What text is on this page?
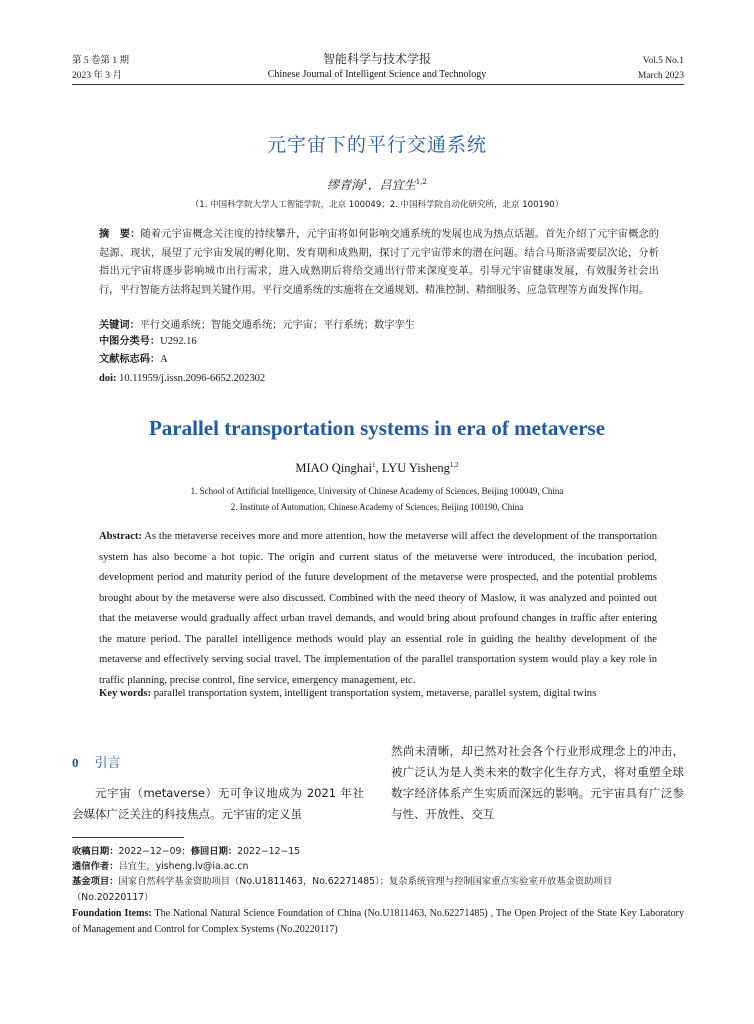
第 5 卷第 1 期
2023 年 3 月
智能科学与技术学报
Chinese Journal of Intelligent Science and Technology
Vol.5 No.1
March 2023
元宇宙下的平行交通系统
缪青海$^1$，吕宜生$^{1,2}$
（1. 中国科学院大学人工智能学院，北京 100049；2. 中国科学院自动化研究所，北京 100190）
摘　要：随着元宇宙概念关注度的持续攀升，元宇宙将如何影响交通系统的发展也成为热点话题。首先介绍了元宇宙概念的起源、现状，展望了元宇宙发展的孵化期、发育期和成熟期，探讨了元宇宙带来的潜在问题。结合马斯洛需要层次论，分析指出元宇宙将逐步影响城市出行需求，进入成熟期后将给交通出行带来深度变革。引导元宇宙健康发展，有效服务社会出行，平行智能方法将起到关键作用。平行交通系统的实施将在交通规划、精准控制、精细服务、应急管理等方面发挥作用。
关键词：平行交通系统；智能交通系统；元宇宙；平行系统；数字孪生
中图分类号：U292.16
文献标志码：A
doi: 10.11959/j.issn.2096-6652.202302
Parallel transportation systems in era of metaverse
MIAO Qinghai$^1$, LYU Yisheng$^{1,2}$
1. School of Artificial Intelligence, University of Chinese Academy of Sciences, Beijing 100049, China
2. Institute of Automation, Chinese Academy of Sciences, Beijing 100190, China
Abstract: As the metaverse receives more and more attention, how the metaverse will affect the development of the transportation system has also become a hot topic. The origin and current status of the metaverse were introduced, the incubation period, development period and maturity period of the future development of the metaverse were prospected, and the potential problems brought about by the metaverse were also discussed. Combined with the need theory of Maslow, it was analyzed and pointed out that the metaverse would gradually affect urban travel demands, and would bring about profound changes in traffic after entering the mature period. The parallel intelligence methods would play an essential role in guiding the healthy development of the metaverse and effectively serving social travel. The implementation of the parallel transportation system would play a key role in traffic planning, precise control, fine service, emergency management, etc.
Key words: parallel transportation system, intelligent transportation system, metaverse, parallel system, digital twins
0 引言
元宇宙（metaverse）无可争议地成为 2021 年社会媒体广泛关注的科技焦点。元宇宙的定义虽
然尚未清晰，却已然对社会各个行业形成理念上的冲击，被广泛认为是人类未来的数字化生存方式，将对重塑全球数字经济体系产生实质而深远的影响。元宇宙具有广泛参与性、开放性、交互
收稿日期：2022−12−09；修回日期：2022−12−15
通信作者：吕宜生，yisheng.lv@ia.ac.cn
基金项目：国家自然科学基金资助项目（No.U1811463，No.62271485）；复杂系统管理与控制国家重点实验室开放基金资助项目（No.20220117）
Foundation Items: The National Natural Science Foundation of China (No.U1811463, No.62271485) , The Open Project of the State Key Laboratory of Management and Control for Complex Systems (No.20220117)
